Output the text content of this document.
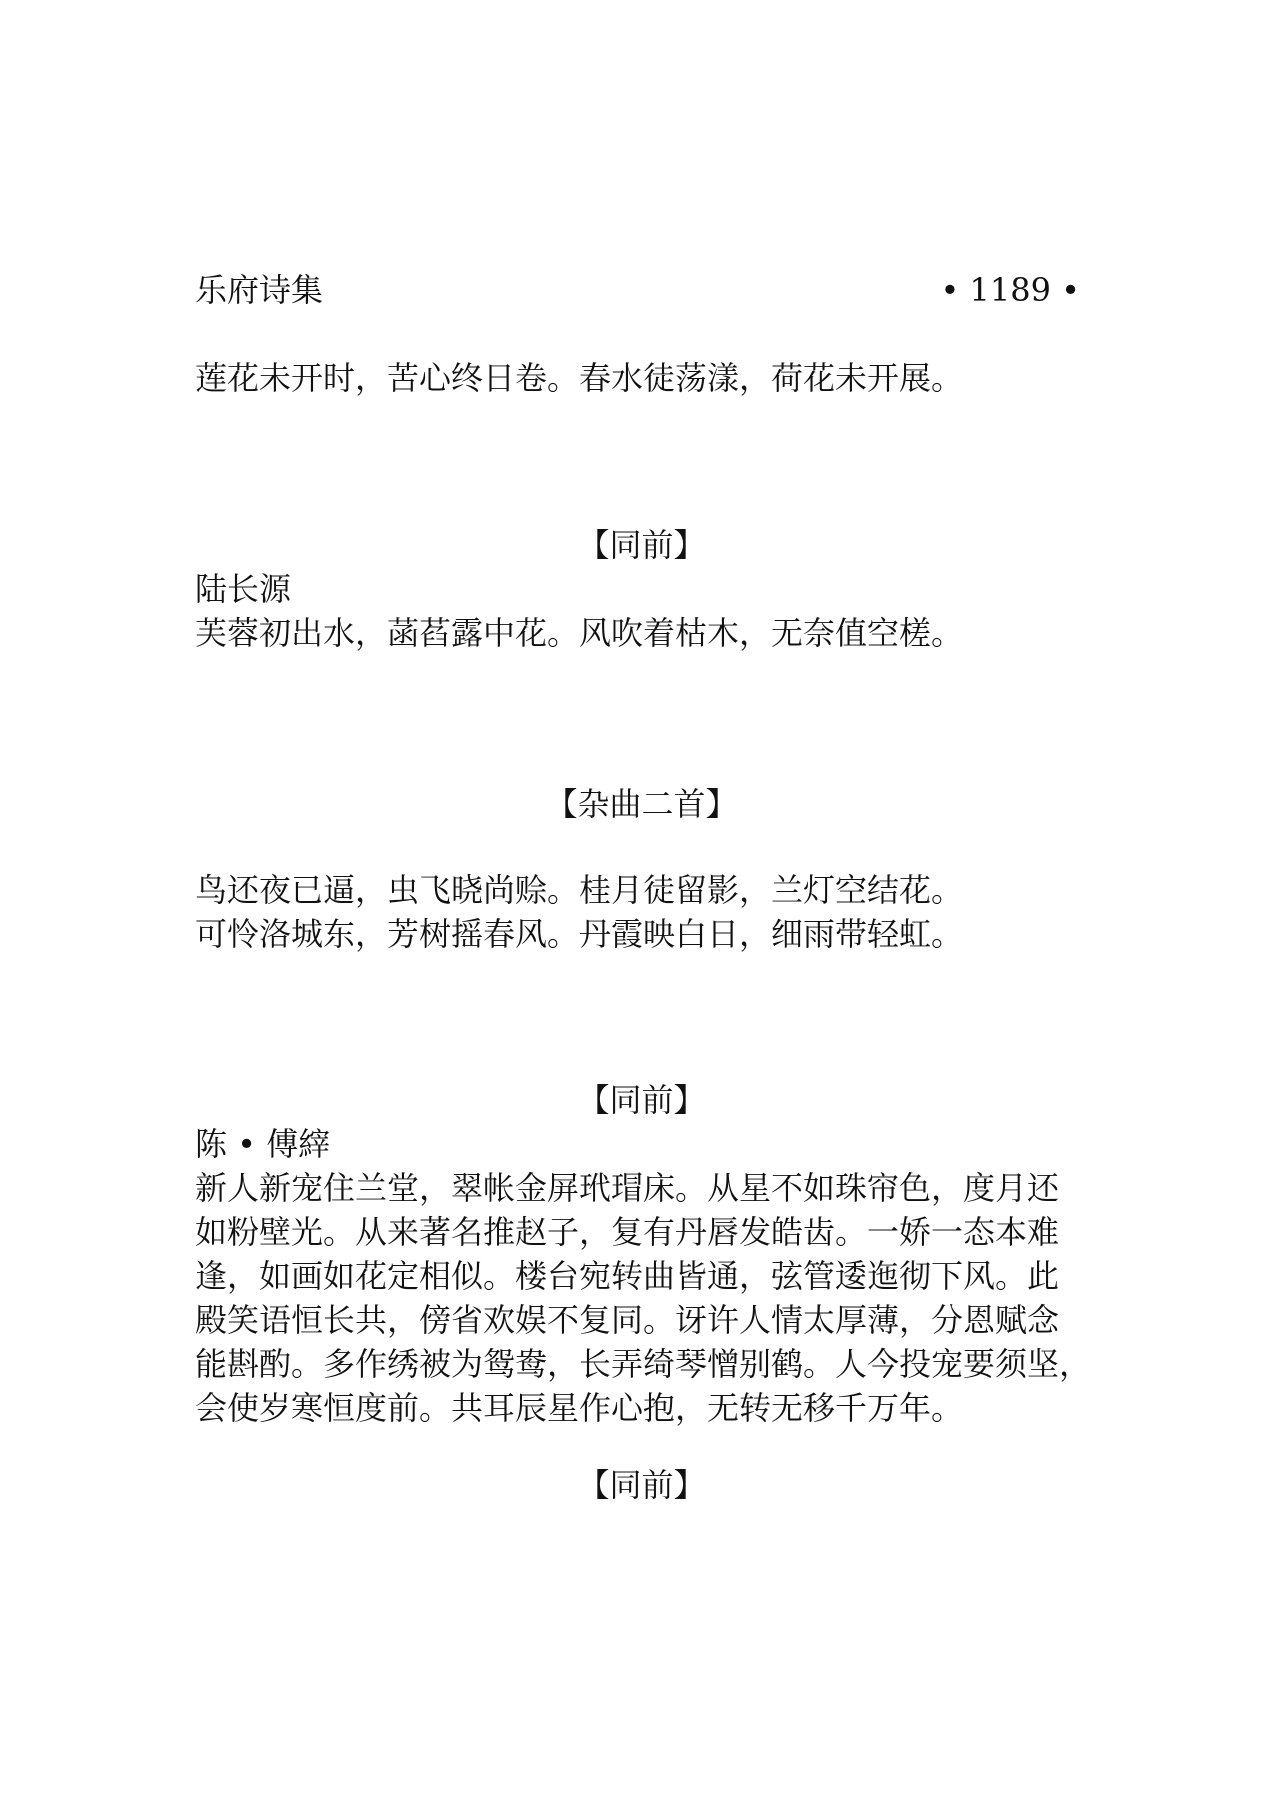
乐府诗集	• 1189 •
莲花未开时，苦心终日卷。春水徒荡漾，荷花未开展。
【同前】
陆长源
芙蓉初出水，菡萏露中花。风吹着枯木，无奈值空槎。
【杂曲二首】
鸟还夜已逼，虫飞晓尚赊。桂月徒留影，兰灯空结花。
可怜洛城东，芳树摇春风。丹霞映白日，细雨带轻虹。
【同前】
陈 • 傅縡
新人新宠住兰堂，翠帐金屏玳瑁床。从星不如珠帘色，度月还
如粉壁光。从来著名推赵子，复有丹唇发皓齿。一娇一态本难
逢，如画如花定相似。楼台宛转曲皆通，弦管逶迤彻下风。此
殿笑语恒长共，傍省欢娱不复同。讶许人情太厚薄，分恩赋念
能斟酌。多作绣被为鸳鸯，长弄绮琴憎别鹤。人今投宠要须坚，
会使岁寒恒度前。共耳辰星作心抱，无转无移千万年。
【同前】
